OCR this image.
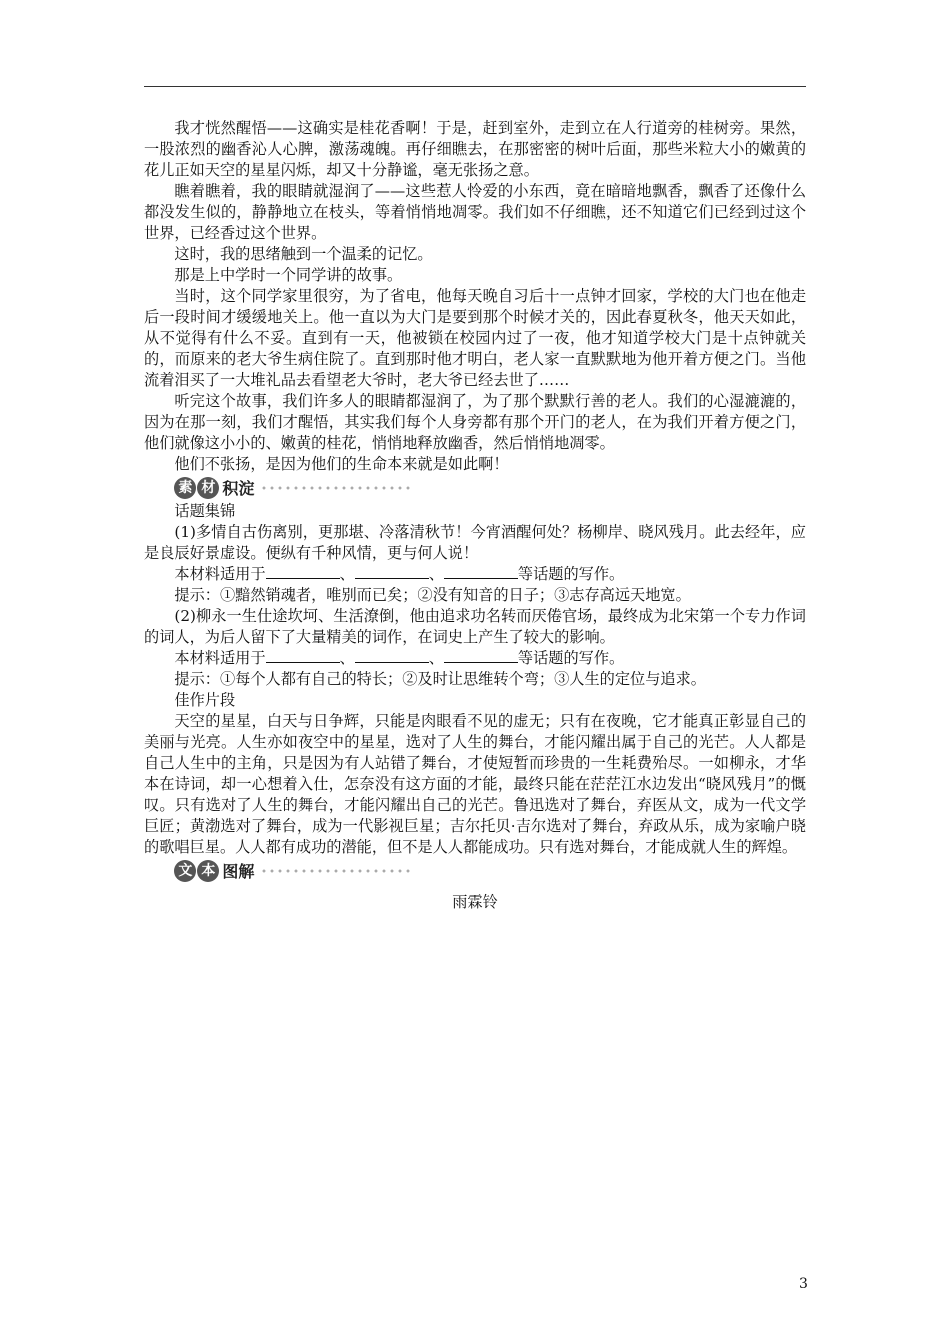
我才恍然醒悟——这确实是桂花香啊！于是，赶到室外，走到立在人行道旁的桂树旁。果然，一股浓烈的幽香沁人心脾，激荡魂魄。再仔细瞧去，在那密密的树叶后面，那些米粒大小的嫩黄的花儿正如天空的星星闪烁，却又十分静谧，毫无张扬之意。

瞧着瞧着，我的眼睛就湿润了——这些惹人怜爱的小东西，竟在暗暗地飘香，飘香了还像什么都没发生似的，静静地立在枝头，等着悄悄地凋零。我们如不仔细瞧，还不知道它们已经到过这个世界，已经香过这个世界。

这时，我的思绪触到一个温柔的记忆。

那是上中学时一个同学讲的故事。

当时，这个同学家里很穷，为了省电，他每天晚自习后十一点钟才回家，学校的大门也在他走后一段时间才缓缓地关上。他一直以为大门是要到那个时候才关的，因此春夏秋冬，他天天如此，从不觉得有什么不妥。直到有一天，他被锁在校园内过了一夜，他才知道学校大门是十点钟就关的，而原来的老大爷生病住院了。直到那时他才明白，老人家一直默默地为他开着方便之门。当他流着泪买了一大堆礼品去看望老大爷时，老大爷已经去世了……

听完这个故事，我们许多人的眼睛都湿润了，为了那个默默行善的老人。我们的心湿漉漉的，因为在那一刻，我们才醒悟，其实我们每个人身旁都有那个开门的老人，在为我们开着方便之门，他们就像这小小的、嫩黄的桂花，悄悄地释放幽香，然后悄悄地凋零。

他们不张扬，是因为他们的生命本来就是如此啊！

素 材 积淀

话题集锦

(1)多情自古伤离别，更那堪、冷落清秋节！今宵酒醒何处？杨柳岸、晓风残月。此去经年，应是良辰好景虚设。便纵有千种风情，更与何人说！

本材料适用于	、	、	等话题的写作。

提示：①黯然销魂者，唯别而已矣；②没有知音的日子；③志存高远天地宽。

(2)柳永一生仕途坎坷、生活潦倒，他由追求功名转而厌倦官场，最终成为北宋第一个专力作词的词人，为后人留下了大量精美的词作，在词史上产生了较大的影响。

本材料适用于	、	、	等话题的写作。

提示：①每个人都有自己的特长；②及时让思维转个弯；③人生的定位与追求。

佳作片段

天空的星星，白天与日争辉，只能是肉眼看不见的虚无；只有在夜晚，它才能真正彰显自己的美丽与光亮。人生亦如夜空中的星星，选对了人生的舞台，才能闪耀出属于自己的光芒。人人都是自己人生中的主角，只是因为有人站错了舞台，才使短暂而珍贵的一生耗费殆尽。一如柳永，才华本在诗词，却一心想着入仕，怎奈没有这方面的才能，最终只能在茫茫江水边发出“晓风残月”的慨叹。只有选对了人生的舞台，才能闪耀出自己的光芒。鲁迅选对了舞台，弃医从文，成为一代文学巨匠；黄渤选对了舞台，成为一代影视巨星；吉尔托贝·吉尔选对了舞台，弃政从乐，成为家喻户晓的歌唱巨星。人人都有成功的潜能，但不是人人都能成功。只有选对舞台，才能成就人生的辉煌。

文 本 图解

雨霖铃

3
